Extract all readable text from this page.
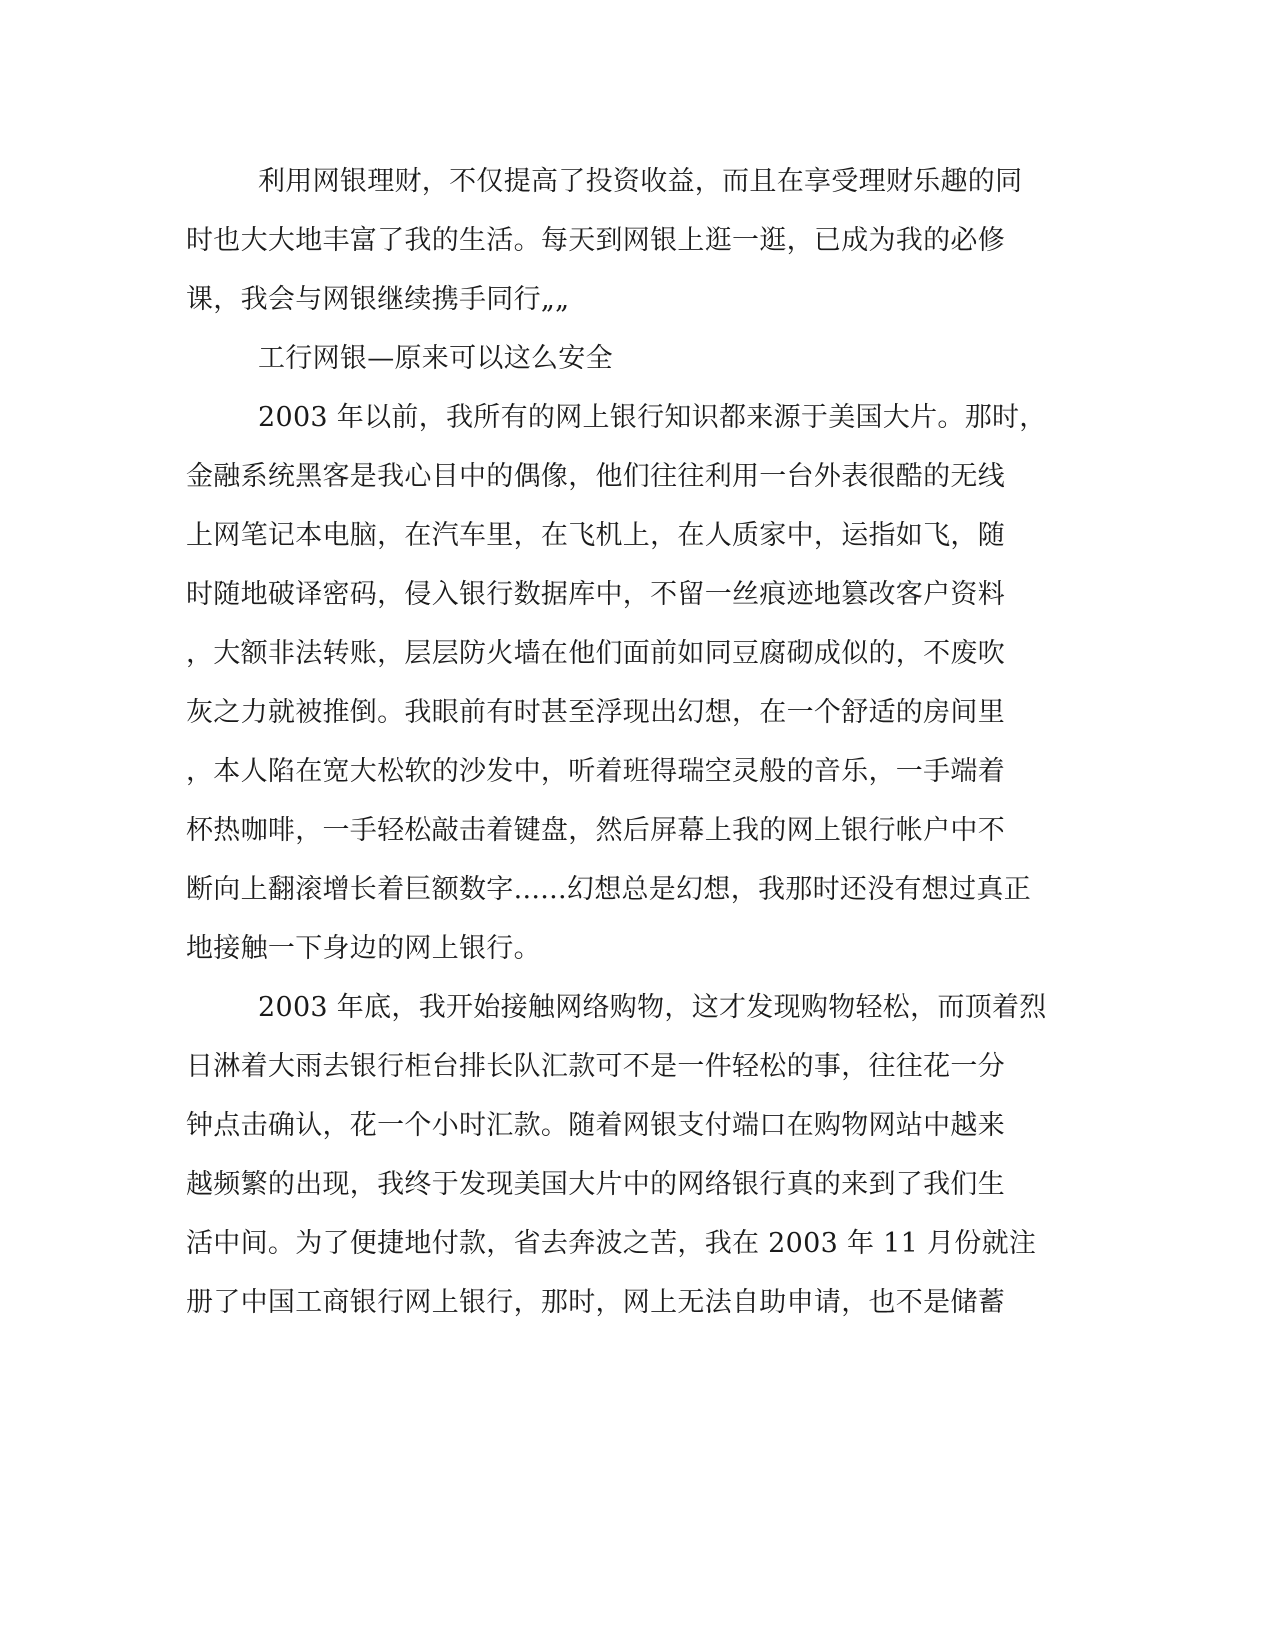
利用网银理财，不仅提高了投资收益，而且在享受理财乐趣的同
时也大大地丰富了我的生活。每天到网银上逛一逛，已成为我的必修
课，我会与网银继续携手同行„„
工行网银—原来可以这么安全
2003 年以前，我所有的网上银行知识都来源于美国大片。那时，
金融系统黑客是我心目中的偶像，他们往往利用一台外表很酷的无线
上网笔记本电脑，在汽车里，在飞机上，在人质家中，运指如飞，随
时随地破译密码，侵入银行数据库中，不留一丝痕迹地篡改客户资料
，大额非法转账，层层防火墙在他们面前如同豆腐砌成似的，不废吹
灰之力就被推倒。我眼前有时甚至浮现出幻想，在一个舒适的房间里
，本人陷在宽大松软的沙发中，听着班得瑞空灵般的音乐，一手端着
杯热咖啡，一手轻松敲击着键盘，然后屏幕上我的网上银行帐户中不
断向上翻滚增长着巨额数字......幻想总是幻想，我那时还没有想过真正
地接触一下身边的网上银行。
2003 年底，我开始接触网络购物，这才发现购物轻松，而顶着烈
日淋着大雨去银行柜台排长队汇款可不是一件轻松的事，往往花一分
钟点击确认，花一个小时汇款。随着网银支付端口在购物网站中越来
越频繁的出现，我终于发现美国大片中的网络银行真的来到了我们生
活中间。为了便捷地付款，省去奔波之苦，我在 2003 年 11 月份就注
册了中国工商银行网上银行，那时，网上无法自助申请，也不是储蓄
